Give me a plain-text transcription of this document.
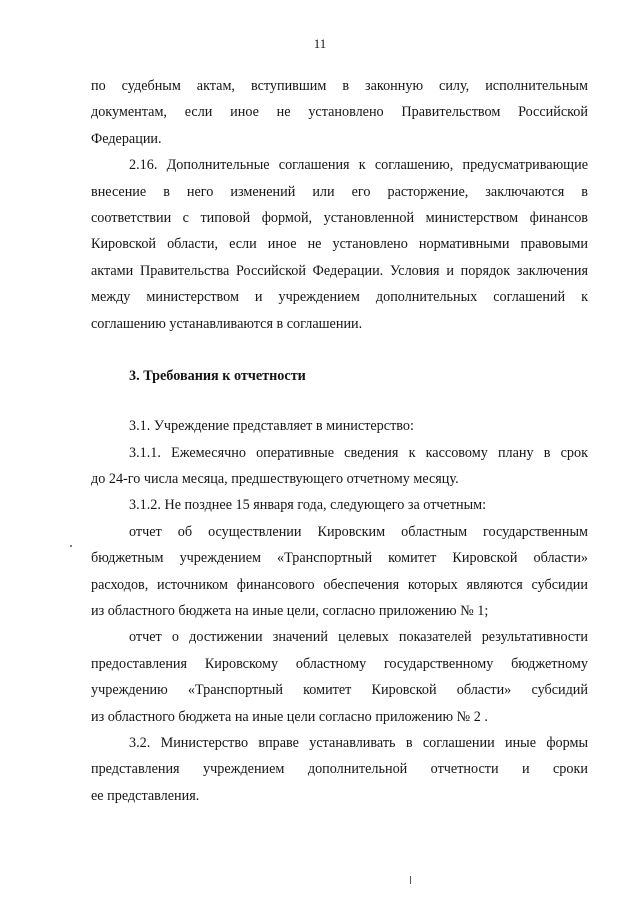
11
по судебным актам, вступившим в законную силу, исполнительным
документам, если иное не установлено Правительством Российской
Федерации.
2.16. Дополнительные соглашения к соглашению, предусматривающие
внесение в него изменений или его расторжение, заключаются в
соответствии с типовой формой, установленной министерством финансов
Кировской области, если иное не установлено нормативными правовыми
актами Правительства Российской Федерации. Условия и порядок заключения
между министерством и учреждением дополнительных соглашений к
соглашению устанавливаются в соглашении.
3. Требования к отчетности
3.1. Учреждение представляет в министерство:
3.1.1. Ежемесячно оперативные сведения к кассовому плану в срок
до 24-го числа месяца, предшествующего отчетному месяцу.
3.1.2. Не позднее 15 января года, следующего за отчетным:
отчет об осуществлении Кировским областным государственным
бюджетным учреждением «Транспортный комитет Кировской области»
расходов, источником финансового обеспечения которых являются субсидии
из областного бюджета на иные цели, согласно приложению № 1;
отчет о достижении значений целевых показателей результативности
предоставления Кировскому областному государственному бюджетному
учреждению «Транспортный комитет Кировской области» субсидий
из областного бюджета на иные цели согласно приложению № 2 .
3.2. Министерство вправе устанавливать в соглашении иные формы
представления учреждением дополнительной отчетности и сроки
ее представления.
